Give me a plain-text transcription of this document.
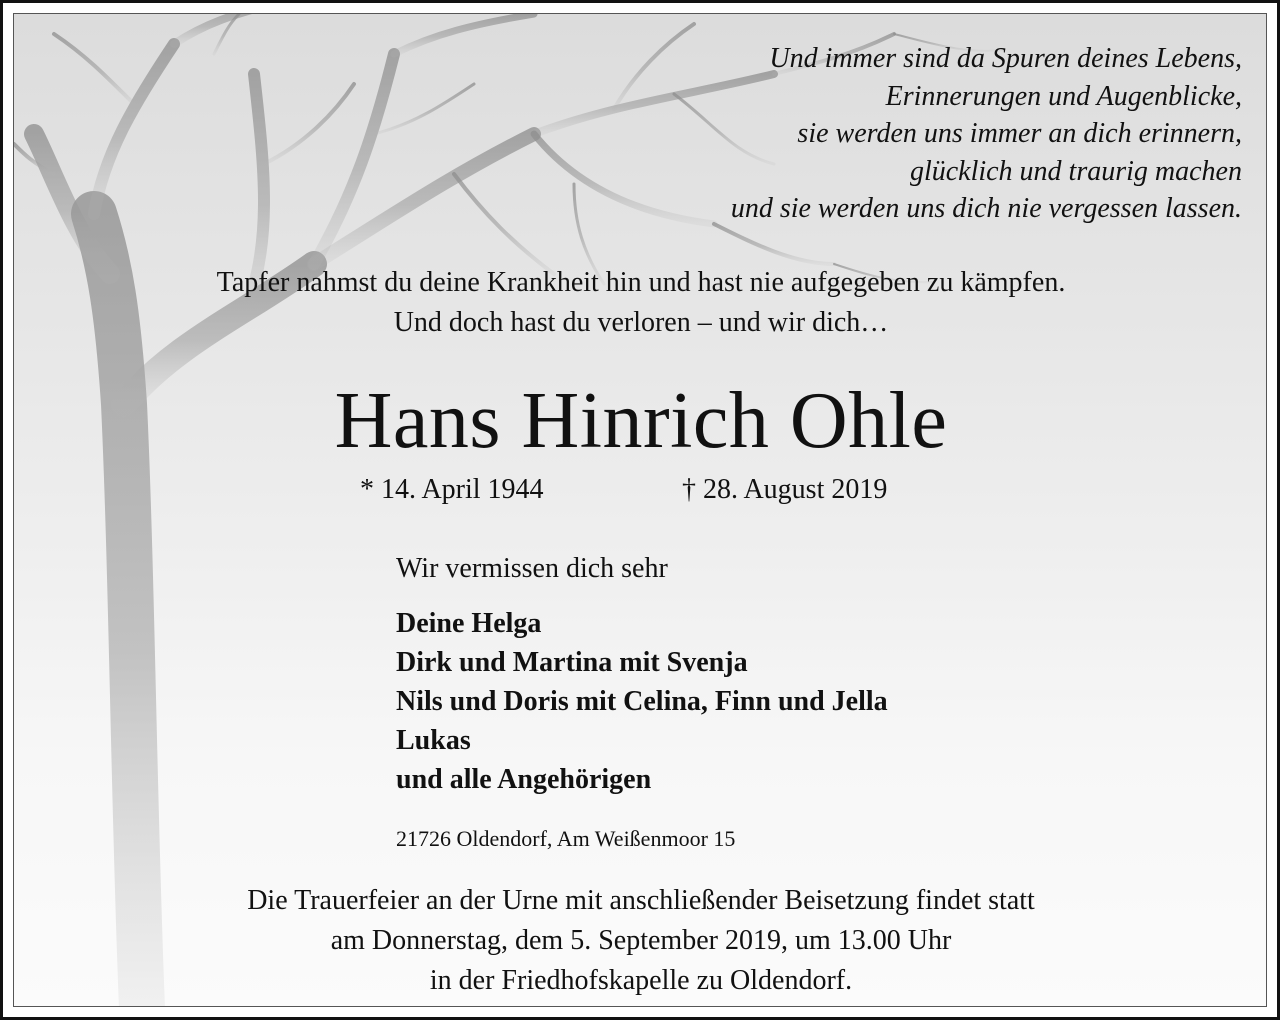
Und immer sind da Spuren deines Lebens,
Erinnerungen und Augenblicke,
sie werden uns immer an dich erinnern,
glücklich und traurig machen
und sie werden uns dich nie vergessen lassen.
Tapfer nahmst du deine Krankheit hin und hast nie aufgegeben zu kämpfen.
Und doch hast du verloren – und wir dich…
Hans Hinrich Ohle
* 14. April 1944	† 28. August 2019
Wir vermissen dich sehr
Deine Helga
Dirk und Martina mit Svenja
Nils und Doris mit Celina, Finn und Jella
Lukas
und alle Angehörigen
21726 Oldendorf, Am Weißenmoor 15
Die Trauerfeier an der Urne mit anschließender Beisetzung findet statt
am Donnerstag, dem 5. September 2019, um 13.00 Uhr
in der Friedhofskapelle zu Oldendorf.
